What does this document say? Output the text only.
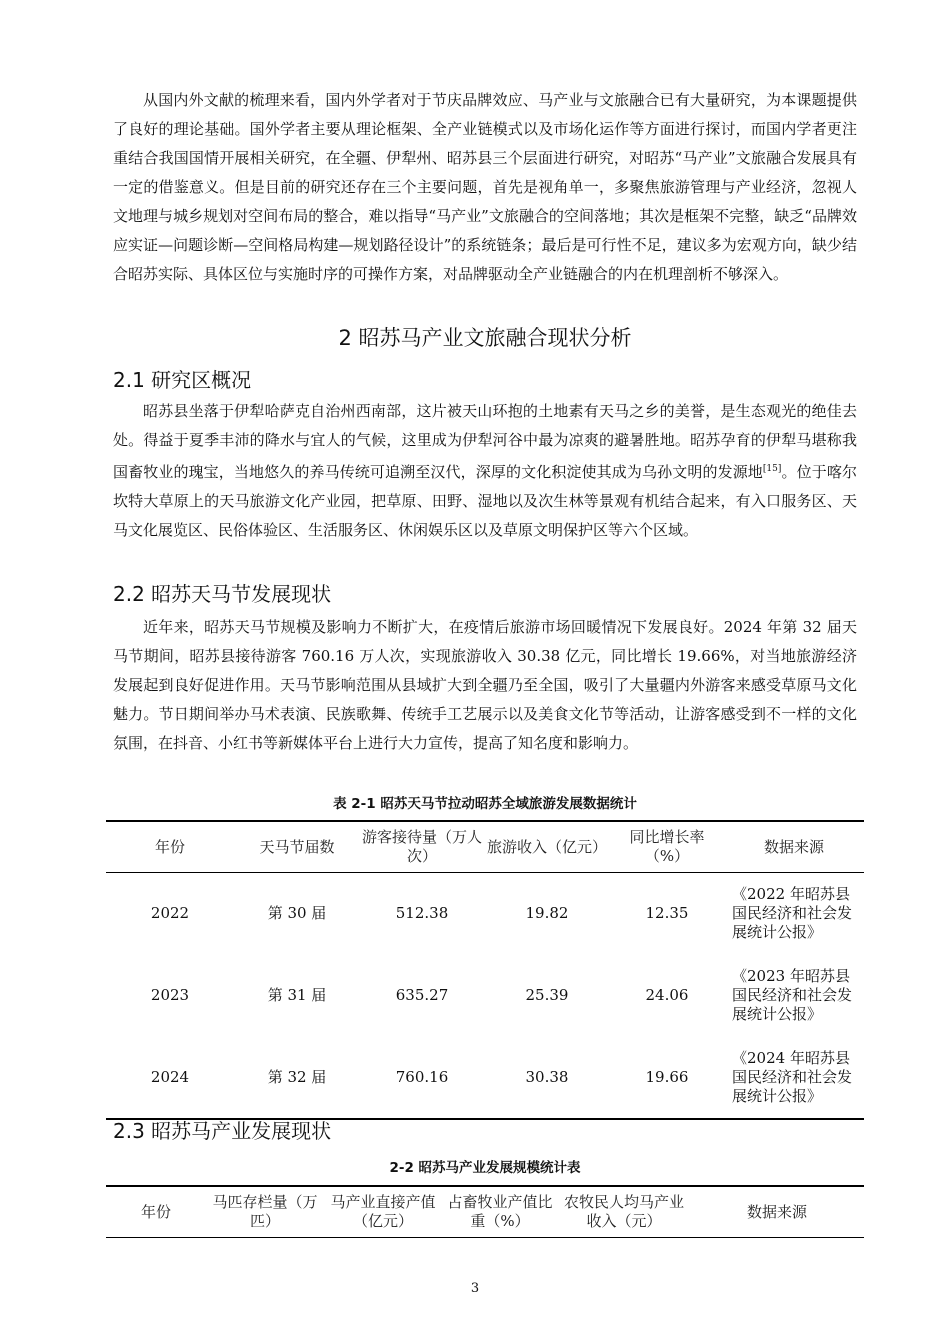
从国内外文献的梳理来看，国内外学者对于节庆品牌效应、马产业与文旅融合已有大量研究，为本课题提供了良好的理论基础。国外学者主要从理论框架、全产业链模式以及市场化运作等方面进行探讨，而国内学者更注重结合我国国情开展相关研究，在全疆、伊犁州、昭苏县三个层面进行研究，对昭苏“马产业”文旅融合发展具有一定的借鉴意义。但是目前的研究还存在三个主要问题，首先是视角单一，多聚焦旅游管理与产业经济，忽视人文地理与城乡规划对空间布局的整合，难以指导“马产业”文旅融合的空间落地；其次是框架不完整，缺乏“品牌效应实证—问题诊断—空间格局构建—规划路径设计”的系统链条；最后是可行性不足，建议多为宏观方向，缺少结合昭苏实际、具体区位与实施时序的可操作方案，对品牌驱动全产业链融合的内在机理剖析不够深入。

2 昭苏马产业文旅融合现状分析

2.1 研究区概况

昭苏县坐落于伊犁哈萨克自治州西南部，这片被天山环抱的土地素有天马之乡的美誉，是生态观光的绝佳去处。得益于夏季丰沛的降水与宜人的气候，这里成为伊犁河谷中最为凉爽的避暑胜地。昭苏孕育的伊犁马堪称我国畜牧业的瑰宝，当地悠久的养马传统可追溯至汉代，深厚的文化积淀使其成为乌孙文明的发源地[15]。位于喀尔坎特大草原上的天马旅游文化产业园，把草原、田野、湿地以及次生林等景观有机结合起来，有入口服务区、天马文化展览区、民俗体验区、生活服务区、休闲娱乐区以及草原文明保护区等六个区域。

2.2 昭苏天马节发展现状

近年来，昭苏天马节规模及影响力不断扩大，在疫情后旅游市场回暖情况下发展良好。2024 年第 32 届天马节期间，昭苏县接待游客 760.16 万人次，实现旅游收入 30.38 亿元，同比增长 19.66%，对当地旅游经济发展起到良好促进作用。天马节影响范围从县域扩大到全疆乃至全国，吸引了大量疆内外游客来感受草原马文化魅力。节日期间举办马术表演、民族歌舞、传统手工艺展示以及美食文化节等活动，让游客感受到不一样的文化氛围，在抖音、小红书等新媒体平台上进行大力宣传，提高了知名度和影响力。

表 2-1 昭苏天马节拉动昭苏全域旅游发展数据统计

年份	天马节届数	游客接待量（万人次）	旅游收入（亿元）	同比增长率（%）	数据来源
2022	第 30 届	512.38	19.82	12.35	《2022 年昭苏县国民经济和社会发展统计公报》
2023	第 31 届	635.27	25.39	24.06	《2023 年昭苏县国民经济和社会发展统计公报》
2024	第 32 届	760.16	30.38	19.66	《2024 年昭苏县国民经济和社会发展统计公报》

2.3 昭苏马产业发展现状

2-2 昭苏马产业发展规模统计表

年份	马匹存栏量（万匹）	马产业直接产值（亿元）	占畜牧业产值比重（%）	农牧民人均马产业收入（元）	数据来源
3
